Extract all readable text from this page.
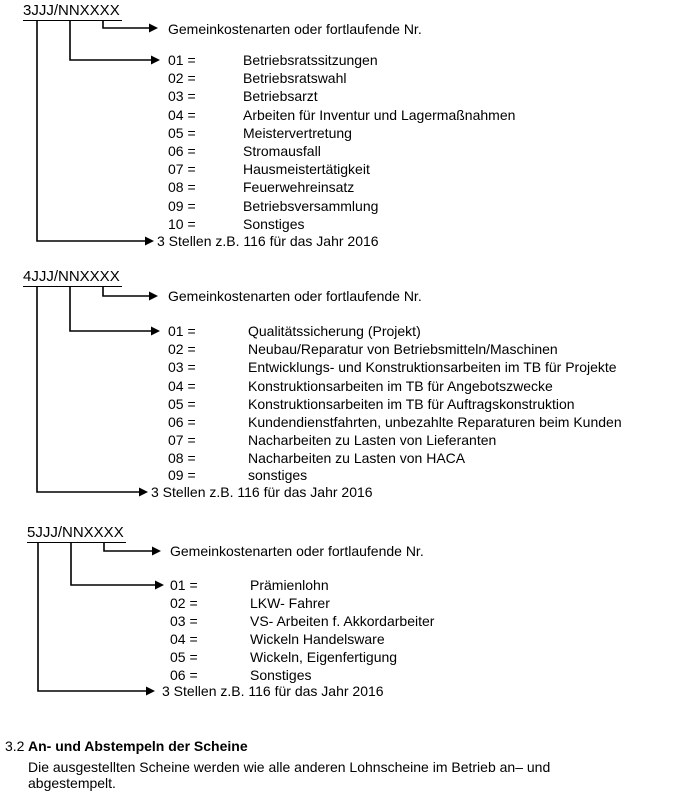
3JJJ/NNXXXX
Gemeinkostenarten oder fortlaufende Nr.
01 =	Betriebsratssitzungen
02 =	Betriebsratswahl
03 =	Betriebsarzt
04 =	Arbeiten für Inventur und Lagermaßnahmen
05 =	Meistervertretung
06 =	Stromausfall
07 =	Hausmeistertätigkeit
08 =	Feuerwehreinsatz
09 =	Betriebsversammlung
10 =	Sonstiges
3 Stellen z.B. 116 für das Jahr 2016
4JJJ/NNXXXX
Gemeinkostenarten oder fortlaufende Nr.
01 =	Qualitätssicherung (Projekt)
02 =	Neubau/Reparatur von Betriebsmitteln/Maschinen
03 =	Entwicklungs- und Konstruktionsarbeiten im TB für Projekte
04 =	Konstruktionsarbeiten im TB für Angebotszwecke
05 =	Konstruktionsarbeiten im TB für Auftragskonstruktion
06 =	Kundendienstfahrten, unbezahlte Reparaturen beim Kunden
07 =	Nacharbeiten zu Lasten von Lieferanten
08 =	Nacharbeiten zu Lasten von HACA
09 =	sonstiges
3 Stellen z.B. 116 für das Jahr 2016
5JJJ/NNXXXX
Gemeinkostenarten oder fortlaufende Nr.
01 =	Prämienlohn
02 =	LKW- Fahrer
03 =	VS- Arbeiten f. Akkordarbeiter
04 =	Wickeln Handelsware
05 =	Wickeln, Eigenfertigung
06 =	Sonstiges
3 Stellen z.B. 116 für das Jahr 2016
3.2 An- und Abstempeln der Scheine
Die ausgestellten Scheine werden wie alle anderen Lohnscheine im Betrieb an– und
abgestempelt.
